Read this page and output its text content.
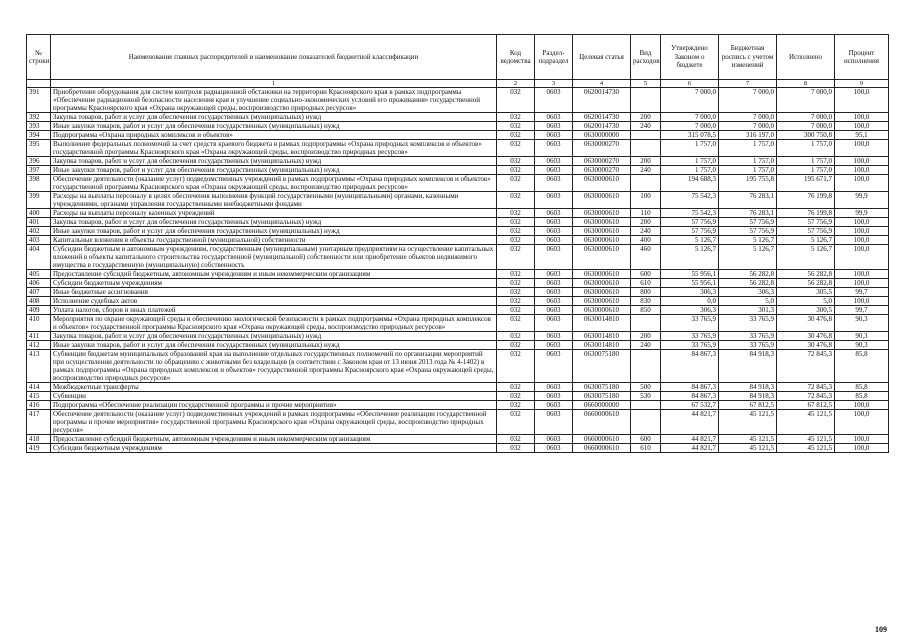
№ строки	Наименование главных распорядителей и наименование показателей бюджетной классификации	Код ведомства	Раздел-подраздел	Целевая статья	Вид расходов	Утверждено Законом о бюджете	Бюджетная роспись с учетом изменений	Исполнено	Процент исполнения
	1	2	3	4	5	6	7	8	9
391	Приобретение оборудования для систем контроля радиационной обстановки на территории Красноярского края в рамках подпрограммы «Обеспечение радиационной безопасности населения края и улучшение социально-экономических условий его проживания» государственной программы Красноярского края «Охрана окружающей среды, воспроизводство природных ресурсов»	032	0603	0620014730		7 000,0	7 000,0	7 000,0	100,0
392	Закупка товаров, работ и услуг для обеспечения государственных (муниципальных) нужд	032	0603	0620014730	200	7 000,0	7 000,0	7 000,0	100,0
393	Иные закупки товаров, работ и услуг для обеспечения государственных (муниципальных) нужд	032	0603	0620014730	240	7 000,0	7 000,0	7 000,0	100,0
394	Подпрограмма «Охрана природных комплексов и объектов»	032	0603	0630000000		315 078,5	316 197,0	300 750,8	95,1
395	Выполнение федеральных полномочий за счет средств краевого бюджета в рамках подпрограммы «Охрана природных комплексов и объектов» государственной программы Красноярского края «Охрана окружающей среды, воспроизводство природных ресурсов»	032	0603	0630000270		1 757,0	1 757,0	1 757,0	100,0
396	Закупка товаров, работ и услуг для обеспечения государственных (муниципальных) нужд	032	0603	0630000270	200	1 757,0	1 757,0	1 757,0	100,0
397	Иные закупки товаров, работ и услуг для обеспечения государственных (муниципальных) нужд	032	0603	0630000270	240	1 757,0	1 757,0	1 757,0	100,0
398	Обеспечение деятельности (оказание услуг) подведомственных учреждений в рамках подпрограммы «Охрана природных комплексов и объектов» государственной программы Красноярского края «Охрана окружающей среды, воспроизводство природных ресурсов»	032	0603	0630000610		194 688,3	195 755,8	195 671,7	100,0
399	Расходы на выплаты персоналу в целях обеспечения выполнения функций государственными (муниципальными) органами, казенными учреждениями, органами управления государственными внебюджетными фондами	032	0603	0630000610	100	75 542,3	76 283,1	76 199,8	99,9
400	Расходы на выплаты персоналу казенных учреждений	032	0603	0630000610	110	75 542,3	76 283,1	76 199,8	99,9
401	Закупка товаров, работ и услуг для обеспечения государственных (муниципальных) нужд	032	0603	0630000610	200	57 756,9	57 756,9	57 756,9	100,0
402	Иные закупки товаров, работ и услуг для обеспечения государственных (муниципальных) нужд	032	0603	0630000610	240	57 756,9	57 756,9	57 756,9	100,0
403	Капитальные вложения в объекты государственной (муниципальной) собственности	032	0603	0630000610	400	5 126,7	5 126,7	5 126,7	100,0
404	Субсидии бюджетным и автономным учреждениям, государственным (муниципальным) унитарным предприятиям на осуществление капитальных вложений в объекты капитального строительства государственной (муниципальной) собственности или приобретение объектов недвижимого имущества в государственную (муниципальную) собственность	032	0603	0630000610	460	5 126,7	5 126,7	5 126,7	100,0
405	Предоставление субсидий бюджетным, автономным учреждениям и иным некоммерческим организациям	032	0603	0630000610	600	55 956,1	56 282,8	56 282,8	100,0
406	Субсидии бюджетным учреждениям	032	0603	0630000610	610	55 956,1	56 282,8	56 282,8	100,0
407	Иные бюджетные ассигнования	032	0603	0630000610	800	306,3	306,3	305,5	99,7
408	Исполнение судебных актов	032	0603	0630000610	830	0,0	5,0	5,0	100,0
409	Уплата налогов, сборов и иных платежей	032	0603	0630000610	850	306,3	301,3	300,5	99,7
410	Мероприятия по охране окружающей среды и обеспечению экологической безопасности в рамках подпрограммы «Охрана природных комплексов и объектов» государственной программы Красноярского края «Охрана окружающей среды, воспроизводство природных ресурсов»	032	0603	0630014810		33 765,9	33 765,9	30 476,8	90,3
411	Закупка товаров, работ и услуг для обеспечения государственных (муниципальных) нужд	032	0603	0630014810	200	33 765,9	33 765,9	30 476,8	90,3
412	Иные закупки товаров, работ и услуг для обеспечения государственных (муниципальных) нужд	032	0603	0630014810	240	33 765,9	33 765,9	30 476,8	90,3
413	Субвенции бюджетам муниципальных образований края на выполнение отдельных государственных полномочий по организации мероприятий при осуществлении деятельности по обращению с животными без владельцев (в соответствии с Законом края от 13 июня 2013 года № 4-1402) в рамках подпрограммы «Охрана природных комплексов и объектов» государственной программы Красноярского края «Охрана окружающей среды, воспроизводство природных ресурсов»	032	0603	0630075180		84 867,3	84 918,3	72 845,3	85,8
414	Межбюджетные трансферты	032	0603	0630075180	500	84 867,3	84 918,3	72 845,3	85,8
415	Субвенции	032	0603	0630075180	530	84 867,3	84 918,3	72 845,3	85,8
416	Подпрограмма «Обеспечение реализации государственной программы и прочие мероприятия»	032	0603	0660000000		67 532,7	67 812,5	67 812,5	100,0
417	Обеспечение деятельности (оказание услуг) подведомственных учреждений в рамках подпрограммы «Обеспечение реализации государственной программы и прочие мероприятия» государственной программы Красноярского края «Охрана окружающей среды, воспроизводство природных ресурсов»	032	0603	0660000610		44 821,7	45 121,5	45 121,5	100,0
418	Предоставление субсидий бюджетным, автономным учреждениям и иным некоммерческим организациям	032	0603	0660000610	600	44 821,7	45 121,5	45 121,5	100,0
419	Субсидии бюджетным учреждениям	032	0603	0660000610	610	44 821,7	45 121,5	45 121,5	100,0
109
